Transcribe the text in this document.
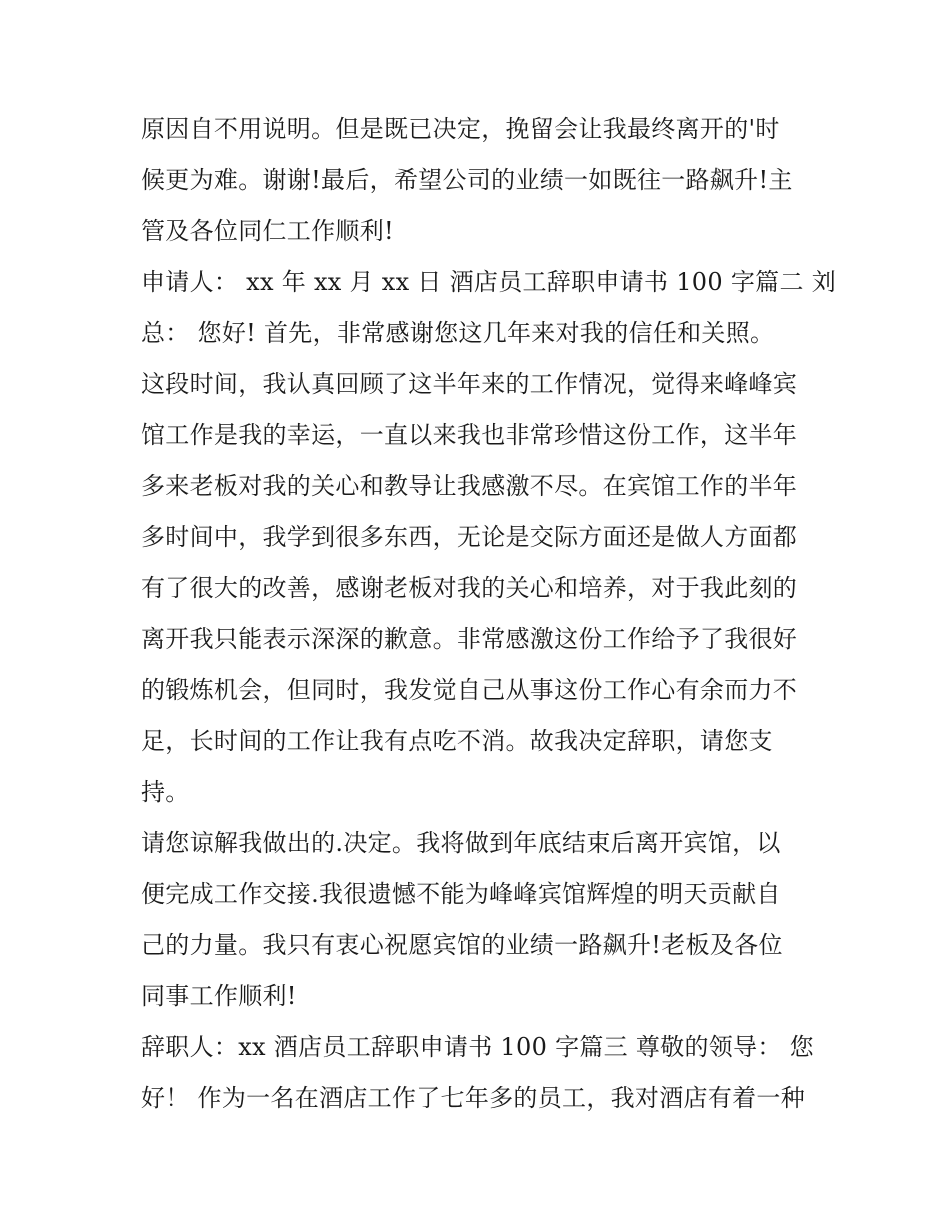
原因自不用说明。但是既已决定，挽留会让我最终离开的'时
候更为难。谢谢!最后，希望公司的业绩一如既往一路飙升!主
管及各位同仁工作顺利!
申请人： xx 年 xx 月 xx 日 酒店员工辞职申请书 100 字篇二 刘
总： 您好! 首先，非常感谢您这几年来对我的信任和关照。
这段时间，我认真回顾了这半年来的工作情况，觉得来峰峰宾
馆工作是我的幸运，一直以来我也非常珍惜这份工作，这半年
多来老板对我的关心和教导让我感激不尽。在宾馆工作的半年
多时间中，我学到很多东西，无论是交际方面还是做人方面都
有了很大的改善，感谢老板对我的关心和培养，对于我此刻的
离开我只能表示深深的歉意。非常感激这份工作给予了我很好
的锻炼机会，但同时，我发觉自己从事这份工作心有余而力不
足，长时间的工作让我有点吃不消。故我决定辞职，请您支
持。
请您谅解我做出的.决定。我将做到年底结束后离开宾馆，以
便完成工作交接.我很遗憾不能为峰峰宾馆辉煌的明天贡献自
己的力量。我只有衷心祝愿宾馆的业绩一路飙升!老板及各位
同事工作顺利!
辞职人：xx 酒店员工辞职申请书 100 字篇三 尊敬的领导： 您
好！ 作为一名在酒店工作了七年多的员工，我对酒店有着一种
